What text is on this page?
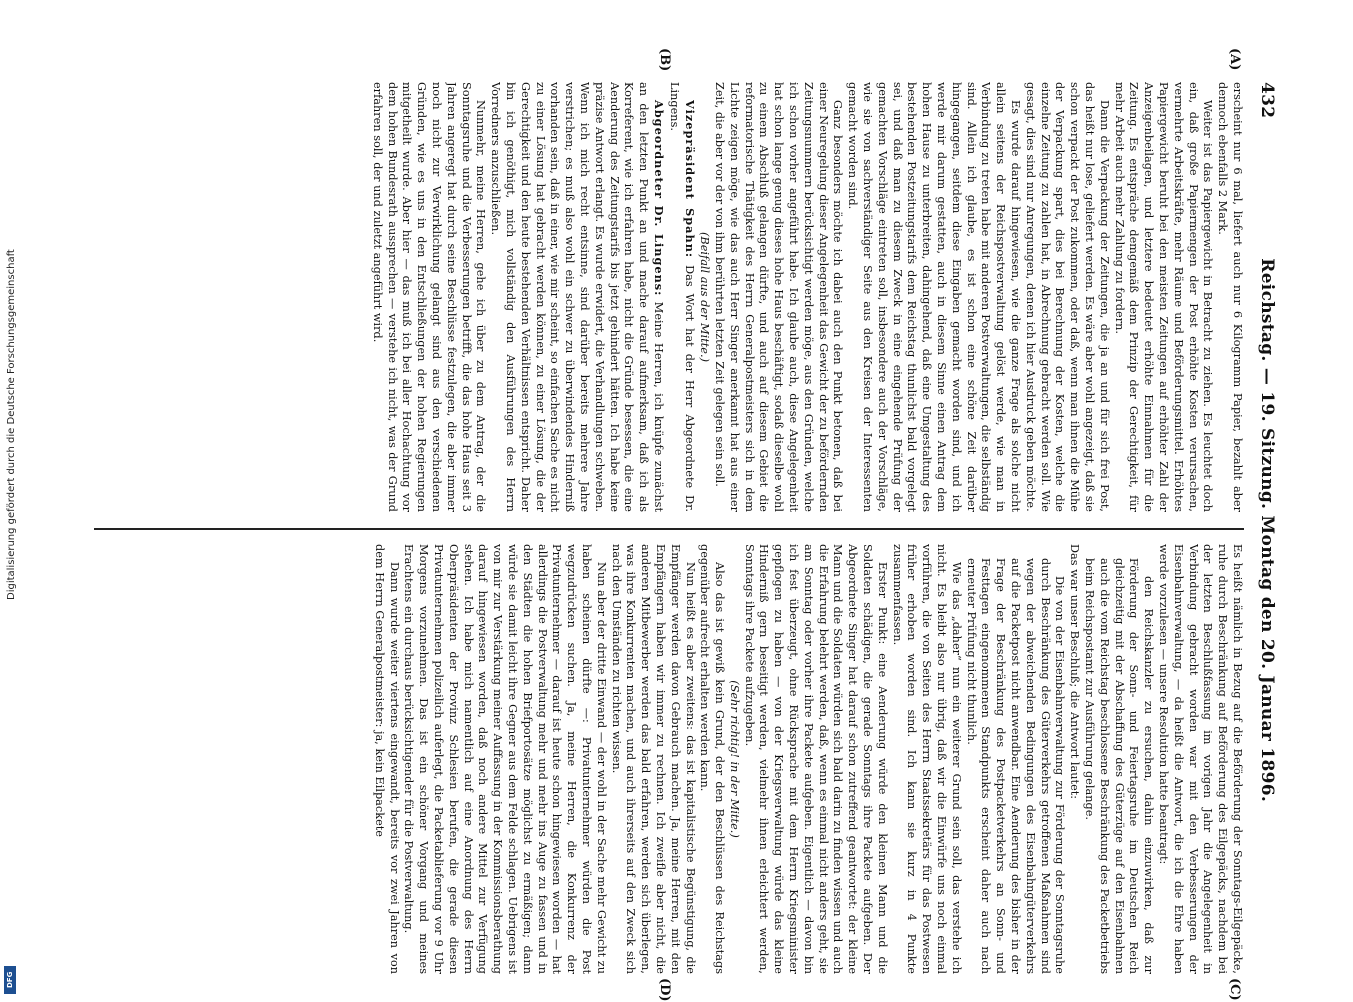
432
Reichstag. — 19. Sitzung. Montag den 20. Januar 1896.

erscheint nur 6 mal, liefert auch nur 6 Kilogramm Papier, bezahlt aber dennoch ebenfalls 2 Mark.

Weiter ist das Papiergewicht in Betracht zu ziehen. Es leuchtet doch ein, daß große Papiermengen der Post erhöhte Kosten verursachen, vermehrte Arbeitskräfte, mehr Räume und Beförderungsmittel. Erhöhtes Papiergewicht beruht bei den meisten Zeitungen auf erhöhter Zahl der Anzeigenbeilagen, und letztere bedeutet erhöhte Einnahmen für die Zeitung. Es entspräche demgemäß dem Prinzip der Gerechtigkeit, für mehr Arbeit auch mehr Zahlung zu fordern.

Dann die Verpackung der Zeitungen, die ja an und für sich frei Post, das heißt nur lose, geliefert werden. Es wäre aber wohl angezeigt, daß sie schon verpackt der Post zukommen, oder daß, wenn man ihnen die Mühe der Verpackung spart, dies bei Berechnung der Kosten, welche die einzelne Zeitung zu zahlen hat, in Abrechnung gebracht werden soll. Wie gesagt, dies sind nur Anregungen, denen ich hier Ausdruck geben möchte.

Es wurde darauf hingewiesen, wie die ganze Frage als solche nicht allein seitens der Reichspostverwaltung gelöst werde, wie man in Verbindung zu treten habe mit anderen Postverwaltungen, die selbständig sind. Allein ich glaube, es ist schon eine schöne Zeit darüber hingegangen, seitdem diese Eingaben gemacht worden sind, und ich werde mir darum gestatten, auch in diesem Sinne einen Antrag dem hohen Hause zu unterbreiten, dahingehend, daß eine Umgestaltung des bestehenden Postzeitungstarifs dem Reichstag thunlichst bald vorgelegt sei, und daß man zu diesem Zweck in eine eingehende Prüfung der gemachten Vorschläge eintreten soll, insbesondere auch der Vorschläge, wie sie von sachverständiger Seite aus den Kreisen der Interessenten gemacht worden sind.

Ganz besonders möchte ich dabei auch den Punkt betonen, daß bei einer Neuregelung dieser Angelegenheit das Gewicht der zu befördernden Zeitungsnummern berücksichtigt werden möge, aus den Gründen, welche ich schon vorher angeführt habe. Ich glaube auch, diese Angelegenheit hat schon lange genug dieses hohe Haus beschäftigt, sodaß dieselbe wohl zu einem Abschluß gelangen dürfte, und auch auf diesem Gebiet die reformatorische Thätigkeit des Herrn Generalpostmeisters sich in dem Lichte zeigen möge, wie das auch Herr Singer anerkannt hat aus einer Zeit, die aber vor der von ihm berührten letzten Zeit gelegen sein soll.

(Beifall aus der Mitte.)

Vizepräsident Spahn: Das Wort hat der Herr Abgeordnete Dr. Lingens.

Abgeordneter Dr. Lingens: Meine Herren, ich knüpfe zunächst an den letzten Punkt an und mache darauf aufmerksam, daß ich als Korreferent, wie ich erfahren habe, nicht die Gründe besessen, die eine Aenderung des Zeitungstarifs bis jetzt gehindert hätten. Ich habe keine präzise Antwort erlangt. Es wurde erwidert, die Verhandlungen schweben. Wenn ich mich recht entsinne, sind darüber bereits mehrere Jahre verstrichen; es muß also wohl ein schwer zu überwindendes Hinderniß vorhanden sein, daß in einer, wie mir scheint, so einfachen Sache es nicht zu einer Lösung hat gebracht werden können, zu einer Lösung, die der Gerechtigkeit und den heute bestehenden Verhältnissen entspricht. Daher bin ich genöthigt, mich vollständig den Ausführungen des Herrn Vorredners anzuschließen.

Nunmehr, meine Herren, gehe ich über zu dem Antrag, der die Sonntagsruhe und die Verbesserungen betrifft, die das hohe Haus seit 3 Jahren angeregt hat durch seine Beschlüsse festzulegen, die aber immer noch nicht zur Verwirklichung gelangt sind aus den verschiedenen Gründen, wie es uns in den Entschließungen der hohen Regierungen mitgetheilt wurde. Aber hier — das muß ich bei aller Hochachtung vor dem hohen Bundesrath aussprechen — verstehe ich nicht, was der Grund erfahren soll, der und zuletzt angeführt wird.

Es heißt nämlich in Bezug auf die Beförderung der Sonntags-Eilgepäcke, ruhe durch Beschränkung auf Beförderung des Eilgepäcks, nachdem bei der letzten Beschlußfassung im vorigen Jahr die Angelegenheit in Verbindung gebracht worden war mit den Verbesserungen der Eisenbahnverwaltung, — da heißt die Antwort, die ich die Ehre haben werde vorzulesen — unsere Resolution hatte beantragt:

den Reichskanzler zu ersuchen, dahin einzuwirken, daß zur Förderung der Sonn- und Feiertagsruhe im Deutschen Reich gleichzeitig mit der Abschaffung des Güterzüge auf den Eisenbahnen auch die vom Reichstag beschlossene Beschränkung des Packetbetriebs beim Reichspostamt zur Ausführung gelange.

Das war unser Beschluß; die Antwort lautet:

Die von der Eisenbahnverwaltung zur Förderung der Sonntagsruhe durch Beschränkung des Güterverkehrs getroffenen Maßnahmen sind wegen der abweichenden Bedingungen des Eisenbahngüterverkehrs auf die Packetpost nicht anwendbar. Eine Aenderung des bisher in der Frage der Beschränkung des Postpacketverkehrs an Sonn- und Festtagen eingenommenen Standpunkts erscheint daher auch nach erneuter Prüfung nicht thunlich.

Wie das „daher“ nun ein weiterer Grund sein soll, das verstehe ich nicht. Es bleibt also nur übrig, daß wir die Einwürfe uns noch einmal vorführen, die von Seiten des Herrn Staatssekretärs für das Postwesen früher erhoben worden sind. Ich kann sie kurz in 4 Punkte zusammenfassen.

Erster Punkt: eine Aenderung würde den kleinen Mann und die Soldaten schädigen, die gerade Sonntags ihre Packete aufgeben. Der Abgeordnete Singer hat darauf schon zutreffend geantwortet: der kleine Mann und die Soldaten würden sich bald darin zu finden wissen und auch die Erfahrung belehrt werden, daß, wenn es einmal nicht anders geht, sie am Sonntag oder vorher ihre Packete aufgeben. Eigentlich — davon bin ich fest überzeugt, ohne Rücksprache mit dem Herrn Kriegsminister gepflogen zu haben — von der Kriegsverwaltung würde das kleine Hinderniß gern beseitigt werden, vielmehr ihnen erleichtert werden, Sonntags ihre Packete aufzugeben.

(Sehr richtig! in der Mitte.)

Also das ist gewiß kein Grund, der den Beschlüssen des Reichstags gegenüber aufrecht erhalten werden kann.

Nun heißt es aber zweitens: das ist kapitalistische Begünstigung, die Empfänger werden davon Gebrauch machen. Ja, meine Herren, mit den Empfängern haben wir immer zu rechnen. Ich zweifle aber nicht, die anderen Mitbewerber werden das bald erfahren, werden sich überlegen, was ihre Konkurrenten machen, und auch ihrerseits auf den Zweck sich nach den Umständen zu richten wissen.

Nun aber der dritte Einwand — der wohl in der Sache mehr Gewicht zu haben scheinen dürfte —: Privatunternehmer würden die Post wegzudrücken suchen. Ja, meine Herren, die Konkurrenz der Privatunternehmer — darauf ist heute schon hingewiesen worden — hat allerdings die Postverwaltung mehr und mehr ins Auge zu fassen und in den Städten die hohen Briefportosätze möglichst zu ermäßigen; dann würde sie damit leicht ihre Gegner aus dem Felde schlagen. Uebrigens ist von mir zur Verstärkung meiner Auffassung in der Kommissionsberathung darauf hingewiesen worden, daß noch andere Mittel zur Verfügung stehen. Ich habe mich namentlich auf eine Anordnung des Herrn Oberpräsidenten der Provinz Schlesien berufen, die gerade diesen Privatunternehmen polizeilich auferlegt, die Packetablieferung vor 9 Uhr Morgens vorzunehmen. Das ist ein schöner Vorgang und meines Erachtens ein durchaus berücksichtigender für die Postverwaltung.

Dann wurde weiter viertens eingewandt, bereits vor zwei Jahren von dem Herrn Generalpostmeister: ja, kein Eilpackete

(A)
(B)
(C)
(D)
Digitalisierung gefördert durch die Deutsche Forschungsgemeinschaft
DFG
